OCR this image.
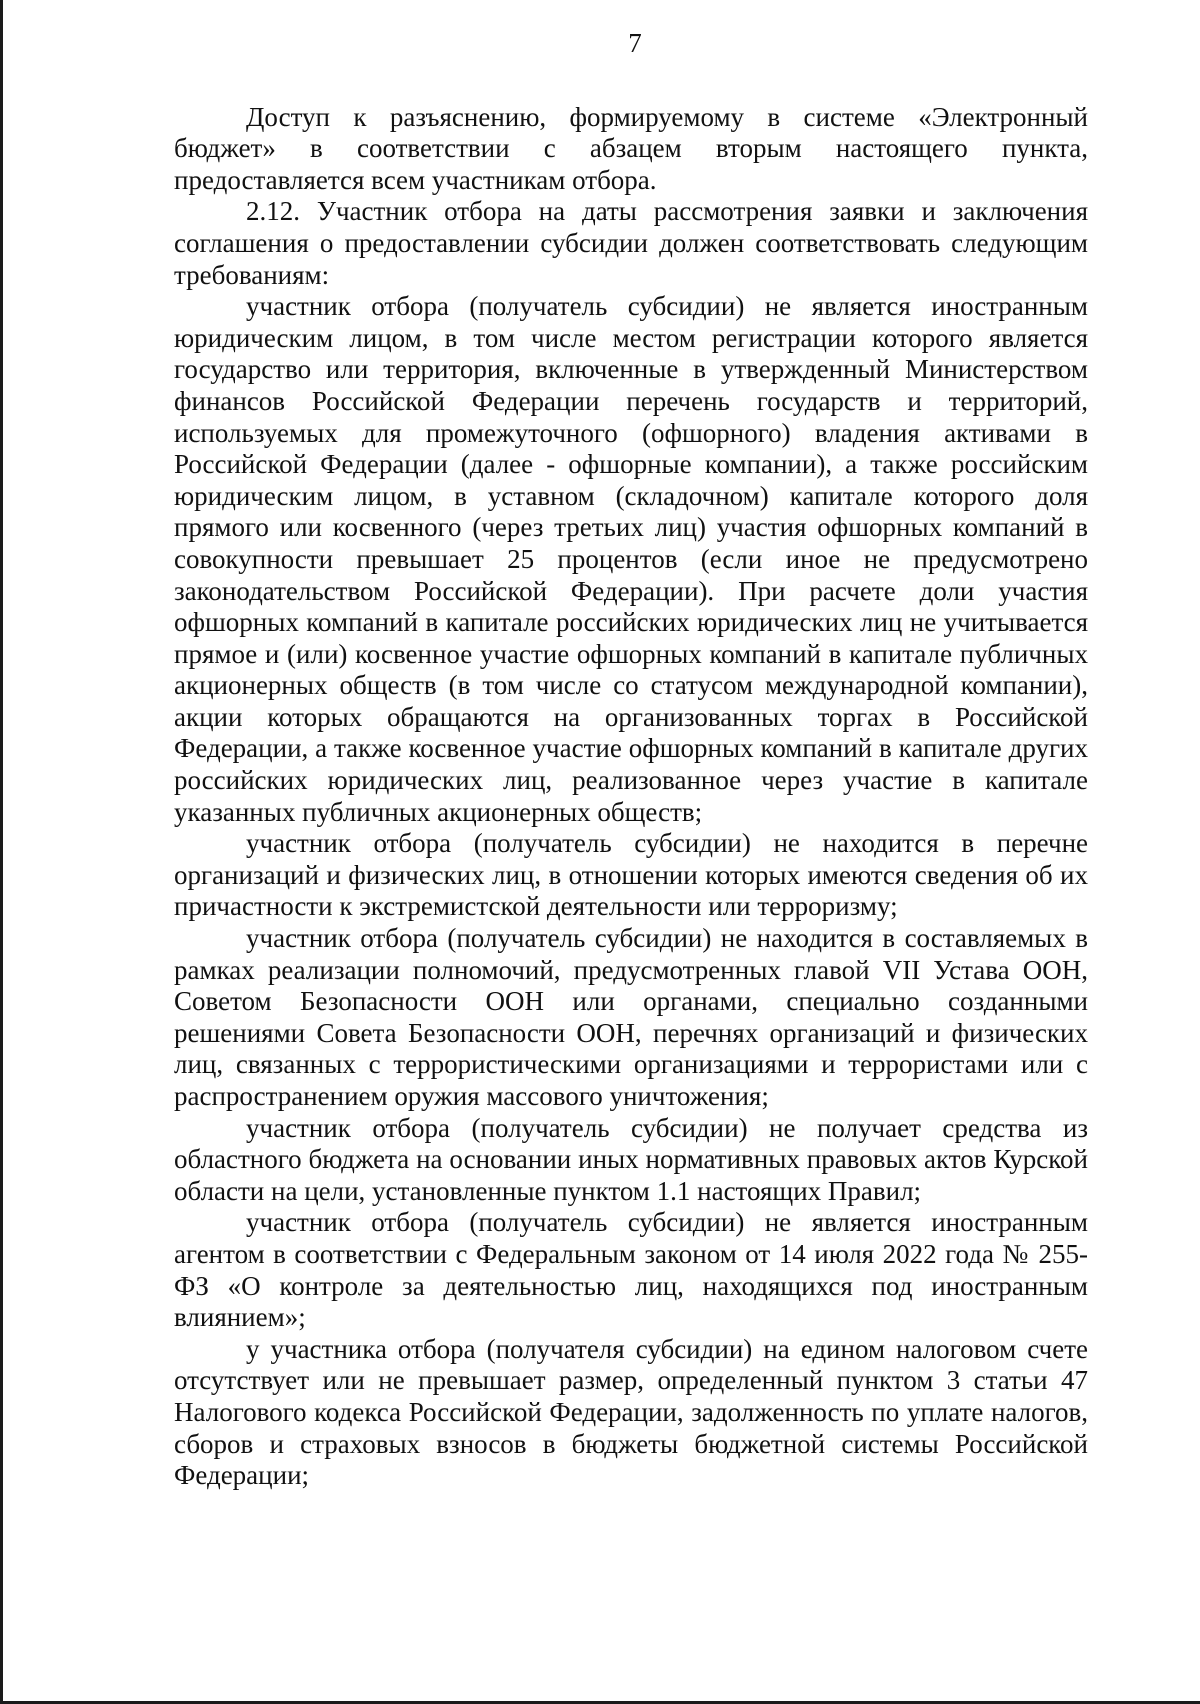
7

Доступ к разъяснению, формируемому в системе «Электронный бюджет» в соответствии с абзацем вторым настоящего пункта, предоставляется всем участникам отбора.

2.12. Участник отбора на даты рассмотрения заявки и заключения соглашения о предоставлении субсидии должен соответствовать следующим требованиям:

участник отбора (получатель субсидии) не является иностранным юридическим лицом, в том числе местом регистрации которого является государство или территория, включенные в утвержденный Министерством финансов Российской Федерации перечень государств и территорий, используемых для промежуточного (офшорного) владения активами в Российской Федерации (далее - офшорные компании), а также российским юридическим лицом, в уставном (складочном) капитале которого доля прямого или косвенного (через третьих лиц) участия офшорных компаний в совокупности превышает 25 процентов (если иное не предусмотрено законодательством Российской Федерации). При расчете доли участия офшорных компаний в капитале российских юридических лиц не учитывается прямое и (или) косвенное участие офшорных компаний в капитале публичных акционерных обществ (в том числе со статусом международной компании), акции которых обращаются на организованных торгах в Российской Федерации, а также косвенное участие офшорных компаний в капитале других российских юридических лиц, реализованное через участие в капитале указанных публичных акционерных обществ;

участник отбора (получатель субсидии) не находится в перечне организаций и физических лиц, в отношении которых имеются сведения об их причастности к экстремистской деятельности или терроризму;

участник отбора (получатель субсидии) не находится в составляемых в рамках реализации полномочий, предусмотренных главой VII Устава ООН, Советом Безопасности ООН или органами, специально созданными решениями Совета Безопасности ООН, перечнях организаций и физических лиц, связанных с террористическими организациями и террористами или с распространением оружия массового уничтожения;

участник отбора (получатель субсидии) не получает средства из областного бюджета на основании иных нормативных правовых актов Курской области на цели, установленные пунктом 1.1 настоящих Правил;

участник отбора (получатель субсидии) не является иностранным агентом в соответствии с Федеральным законом от 14 июля 2022 года № 255-ФЗ «О контроле за деятельностью лиц, находящихся под иностранным влиянием»;

у участника отбора (получателя субсидии) на едином налоговом счете отсутствует или не превышает размер, определенный пунктом 3 статьи 47 Налогового кодекса Российской Федерации, задолженность по уплате налогов, сборов и страховых взносов в бюджеты бюджетной системы Российской Федерации;
